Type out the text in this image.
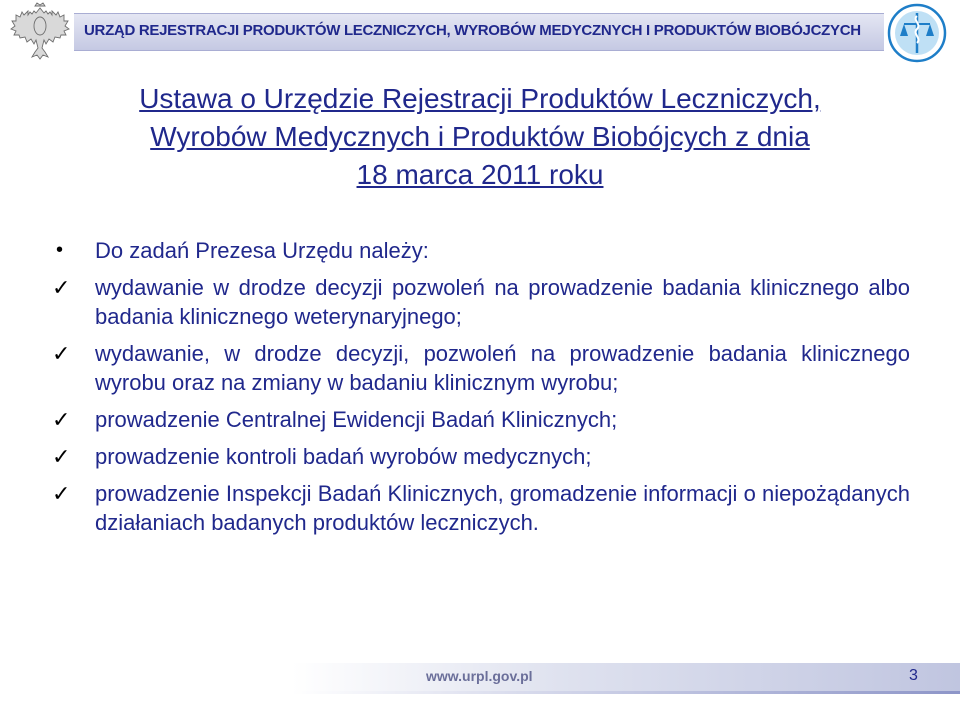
URZĄD REJESTRACJI PRODUKTÓW LECZNICZYCH, WYROBÓW MEDYCZNYCH I PRODUKTÓW BIOBÓJCZYCH
Ustawa o Urzędzie Rejestracji Produktów Leczniczych,
Wyrobów Medycznych i Produktów Biobójcych z dnia
18 marca 2011 roku
•	Do zadań Prezesa Urzędu należy:
✓	wydawanie w drodze decyzji pozwoleń na prowadzenie badania klinicznego albo badania klinicznego weterynaryjnego;
✓	wydawanie, w drodze decyzji, pozwoleń na prowadzenie badania klinicznego wyrobu oraz na zmiany w badaniu klinicznym wyrobu;
✓	prowadzenie Centralnej Ewidencji Badań Klinicznych;
✓	prowadzenie kontroli badań wyrobów medycznych;
✓	prowadzenie Inspekcji Badań Klinicznych, gromadzenie informacji o niepożądanych działaniach badanych produktów leczniczych.
www.urpl.gov.pl	3
